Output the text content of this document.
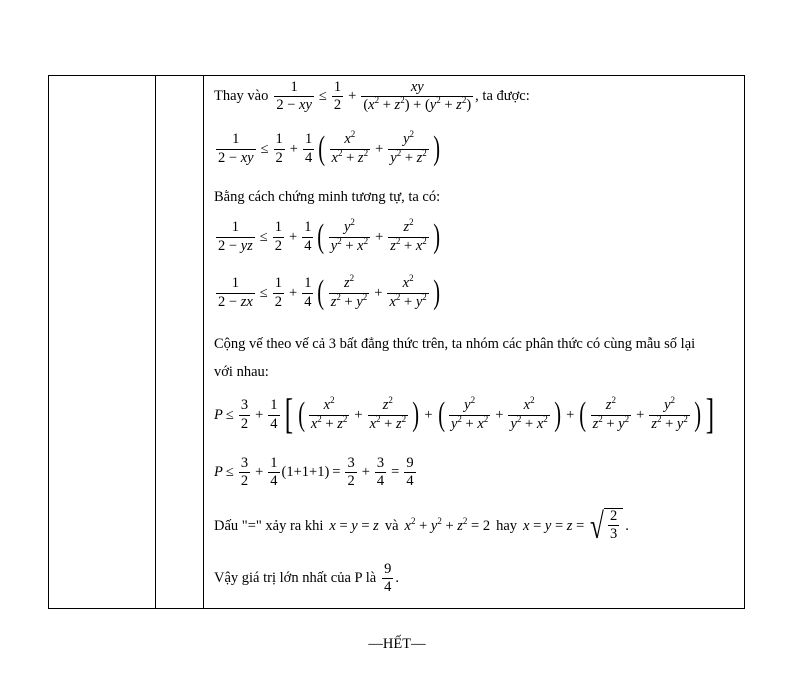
Thay vào $\frac{1}{2 - xy} \le \frac{1}{2} + \frac{xy}{(x^2 + z^2) + (y^2 + z^2)}$ , ta được:
$\frac{1}{2 - xy} \le \frac{1}{2} + \frac{1}{4}$ ( $\frac{x^2}{x^2 + z^2} + \frac{y^2}{y^2 + z^2}$ )
Bằng cách chứng minh tương tự, ta có:
$\frac{1}{2 - yz} \le \frac{1}{2} + \frac{1}{4}$ ( $\frac{y^2}{y^2 + x^2} + \frac{z^2}{z^2 + x^2}$ )
$\frac{1}{2 - zx} \le \frac{1}{2} + \frac{1}{4}$ ( $\frac{z^2}{z^2 + y^2} + \frac{x^2}{x^2 + y^2}$ )
Cộng vế theo vế cả 3 bất đẳng thức trên, ta nhóm các phân thức có cùng mẫu số lại
với nhau:
$P \le \frac{3}{2} + \frac{1}{4}$ [ ( $\frac{x^2}{x^2 + z^2} + \frac{z^2}{x^2 + z^2}$ ) + ( $\frac{y^2}{y^2 + x^2} + \frac{x^2}{y^2 + x^2}$ ) + ( $\frac{z^2}{z^2 + y^2} + \frac{y^2}{z^2 + y^2}$ ) ]
$P \le \frac{3}{2} + \frac{1}{4} (1+1+1) = \frac{3}{2} + \frac{3}{4} = \frac{9}{4}$
Dấu "=" xảy ra khi x = y = z và $x^2 + y^2 + z^2 = 2$ hay x = y = z = √ $\frac{2}{3}$ .
Vậy giá trị lớn nhất của P là $\frac{9}{4}$ .
—HẾT—
